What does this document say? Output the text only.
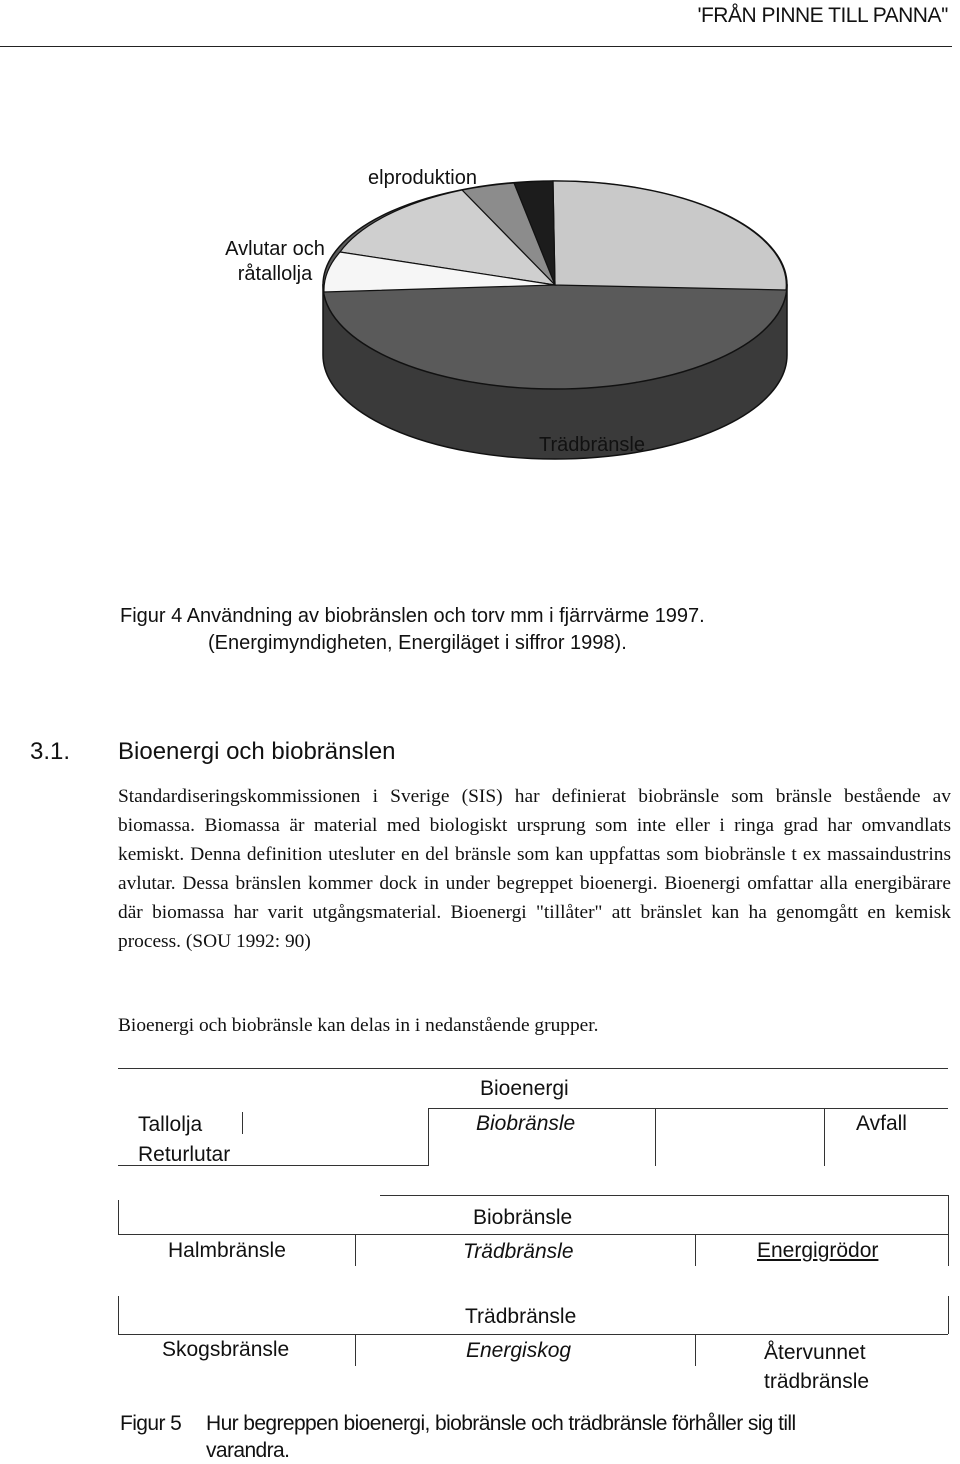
'FRÅN PINNE TILL PANNA''
elproduktion
Avlutar och
råtallolja
Trädbränsle
Figur 4 Användning av biobränslen och torv mm i fjärrvärme 1997.
(Energimyndigheten, Energiläget i siffror 1998).
3.1. Bioenergi och biobränslen
Standardiseringskommissionen i Sverige (SIS) har definierat biobränsle som bränsle bestående av biomassa. Biomassa är material med biologiskt ursprung som inte eller i ringa grad har omvandlats kemiskt. Denna definition utesluter en del bränsle som kan uppfattas som biobränsle t ex massaindustrins avlutar. Dessa bränslen kommer dock in under begreppet bioenergi. Bioenergi omfattar alla energibärare där biomassa har varit utgångsmaterial. Bioenergi "tillåter" att bränslet kan ha genomgått en kemisk process. (SOU 1992: 90)
Bioenergi och biobränsle kan delas in i nedanstående grupper.
Bioenergi
Tallolja
Returlutar
Biobränsle	Avfall
Biobränsle
Halmbränsle	Trädbränsle	Energigrödor
Trädbränsle
Skogsbränsle	Energiskog	Återvunnet
trädbränsle
Figur 5 Hur begreppen bioenergi, biobränsle och trädbränsle förhåller sig till
varandra.
